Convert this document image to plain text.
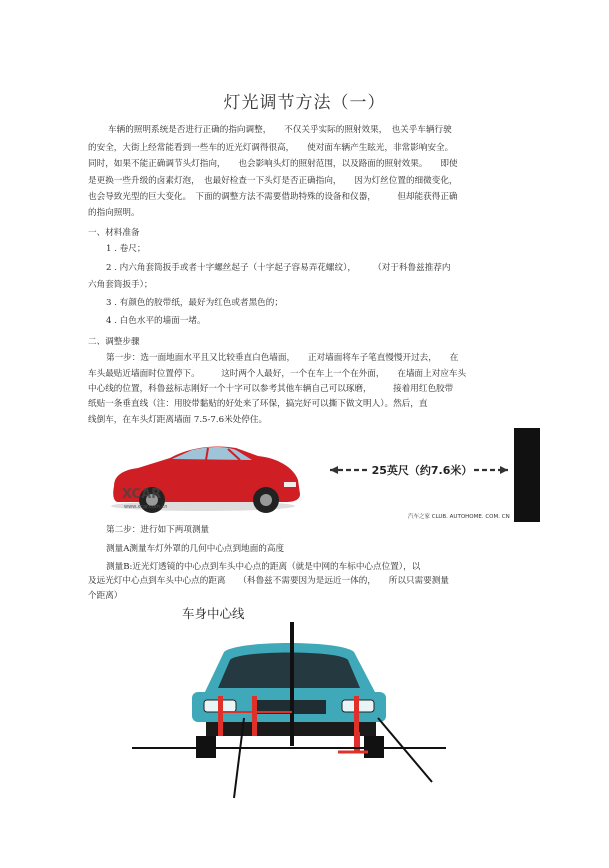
灯光调节方法（一）
车辆的照明系统是否进行正确的指向调整，　　不仅关乎实际的照射效果，　也关乎车辆行驶
的安全，大街上经常能看到一些车的近光灯调得很高，　　使对面车辆产生眩光，非常影响安全。
同时，如果不能正确调节头灯指向，　　也会影响头灯的照射范围，以及路面的照射效果。　　即使
是更换一些升级的卤素灯泡，　也最好检查一下头灯是否正确指向，　　因为灯丝位置的细微变化，
也会导致光型的巨大变化。　下面的调整方法不需要借助特殊的设备和仪器，　　　但却能获得正确
的指向照明。
一、材料准备
1 . 卷尺；
2 . 内六角套筒扳手或者十字螺丝起子（十字起子容易弄花螺纹），　　　（对于科鲁兹推荐内
六角套筒扳手）；
3 . 有颜色的胶带纸，最好为红色或者黑色的；
4 . 白色水平的墙面一堵。
二、调整步骤
第一步：选一面地面水平且又比较垂直白色墙面，　　正对墙面将车子笔直慢慢开过去，　　在
车头最贴近墙面时位置停下。　　　这时两个人最好，一个在车上一个在外面，　　在墙面上对应车头
中心线的位置，科鲁兹标志刚好一个十字可以参考其他车辆自己可以琢磨，　　　接着用红色胶带
纸贴一条垂直线（注：用胶带黏贴的好处来了环保，搞完好可以撕下做文明人）。然后，直
线倒车，在车头灯距离墙面 7.5-7.6米处停住。
XCAR
www.xcar.com.cn
25英尺（约7.6米）
汽车之家 CLUB. AUTOHOME. COM. CN
第二步：进行如下两项测量
测量A测量车灯外罩的几何中心点到地面的高度
测量B:近光灯透镜的中心点到车头中心点的距离（就是中网的车标中心点位置），以
及远光灯中心点到车头中心点的距离　　（科鲁兹不需要因为是远近一体的，　　所以只需要测量
个距离）
车身中心线
